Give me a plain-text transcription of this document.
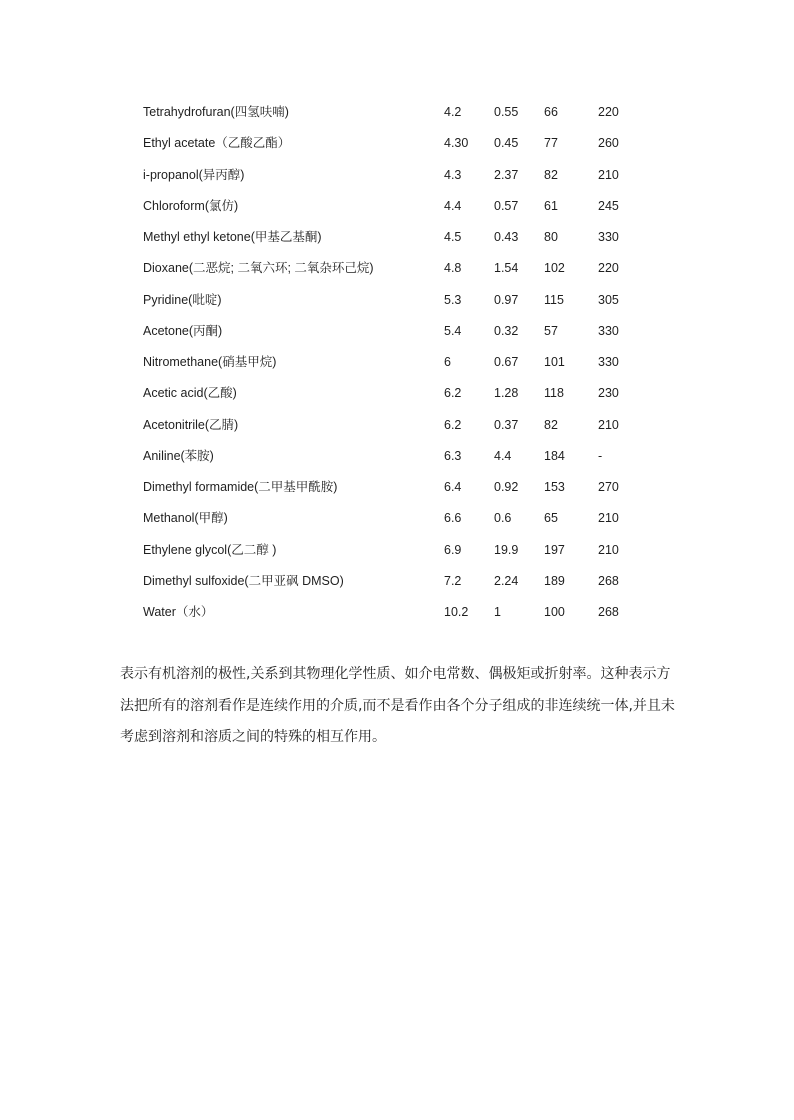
Tetrahydrofuran(四氢呋喃)	4.2	0.55 66	220
Ethyl acetate（乙酸乙酯）	4.30 0.45 77	260
i-propanol(异丙醇)	4.3	2.37 82	210
Chloroform(氯仿)	4.4	0.57 61	245
Methyl ethyl ketone(甲基乙基酮)	4.5	0.43 80	330
Dioxane(二恶烷; 二氧六环; 二氧杂环己烷)	4.8	1.54 102	220
Pyridine(吡啶)	5.3	0.97 115	305
Acetone(丙酮)	5.4	0.32 57	330
Nitromethane(硝基甲烷)	6	0.67 101	330
Acetic acid(乙酸)	6.2	1.28 118	230
Acetonitrile(乙腈)	6.2	0.37 82	210
Aniline(苯胺)	6.3	4.4	184	-
Dimethyl formamide(二甲基甲酰胺)	6.4	0.92 153	270
Methanol(甲醇)	6.6	0.6	65	210
Ethylene glycol(乙二醇 )	6.9	19.9 197	210
Dimethyl sulfoxide(二甲亚砜 DMSO)	7.2	2.24 189	268
Water（水）	10.2 1	100	268

表示有机溶剂的极性,关系到其物理化学性质、如介电常数、偶极矩或折射率。这种表示方法把所有的溶剂看作是连续作用的介质,而不是看作由各个分子组成的非连续统一体,并且未考虑到溶剂和溶质之间的特殊的相互作用。
